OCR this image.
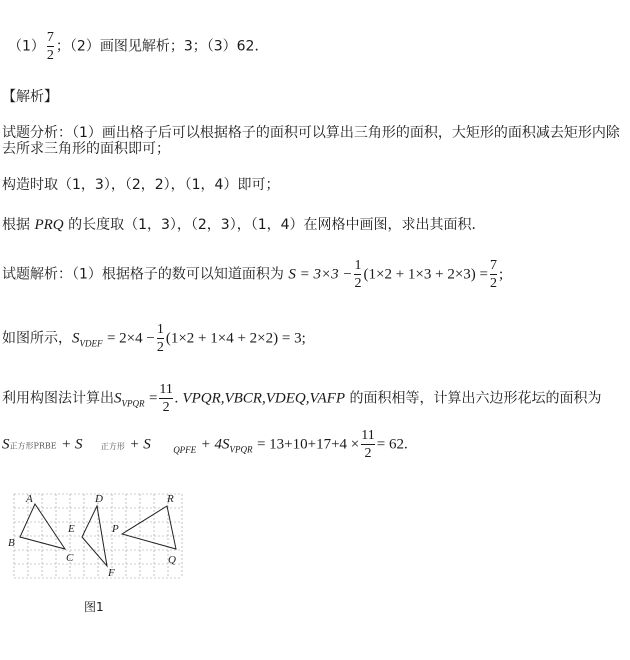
$(1) \frac{7}{2}$ ；（2）画图见解析；3；（3）62．
【解析】
试题分析：（1）画出格子后可以根据格子的面积可以算出三角形的面积，大矩形的面积减去矩形内除
去所求三角形的面积即可；
构造时取（1，3），（2，2），（1，4）即可；
根据 PRQ 的长度取（1，3），（2，3），（1，4）在网格中画图，求出其面积．
试题解析：（1）根据格子的数可以知道面积为 $S = 3\times 3 - \frac{1}{2} (1\times 2 + 1\times 3 + 2\times 3) = \frac{7}{2}$ ;
如图所示，$S_{VDEF} = 2\times 4 - \frac{1}{2} (1\times 2 + 1\times 4 + 2\times 2) = 3$;
利用构图法计算出$S_{VPQR} = \frac{11}{2}$ . VPQR,VBCR,VDEQ,VAFP 的面积相等，计算出六边形花坛的面积为
S正方形PRBE + S 正方形 + S $_{QPFE} + 4S_{VPQR} = 13+10+17+4 \times \frac{11}{2} = 62$.
A
B
C
D
E
F
P
Q
R
图1
